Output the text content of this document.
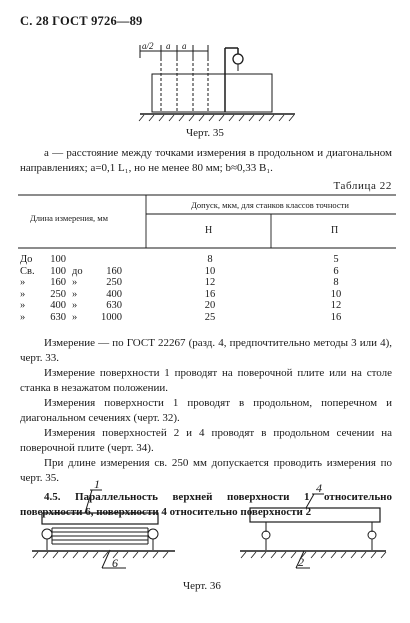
С. 28 ГОСТ 9726—89
a/2 a a
Черт. 35
a — расстояние между точками измерения в продольном и диагональном направлениях; a=0,1 L₁, но не менее 80 мм; b≈0,33 B₁.
Таблица 22
Длина измерения, мм
Допуск, мкм, для станков классов точности
Н	П
До	100	8	5
Св.	100 до	160	10	6
»	160 »	250	12	8
»	250 »	400	16	10
»	400 »	630	20	12
»	630 »	1000	25	16
Измерение — по ГОСТ 22267 (разд. 4, предпочтительно методы 3 или 4), черт. 33.
Измерение поверхности 1 проводят на поверочной плите или на столе станка в незажатом положении.
Измерения поверхности 1 проводят в продольном, поперечном и диагональном сечениях (черт. 32).
Измерения поверхностей 2 и 4 проводят в продольном сечении на поверочной плите (черт. 34).
При длине измерения св. 250 мм допускается проводить измерения по черт. 35.
4.5. Параллельность верхней поверхности 1 относительно поверхности 6, поверхности 4 относительно поверхности 2
1
6
4
2
Черт. 36
